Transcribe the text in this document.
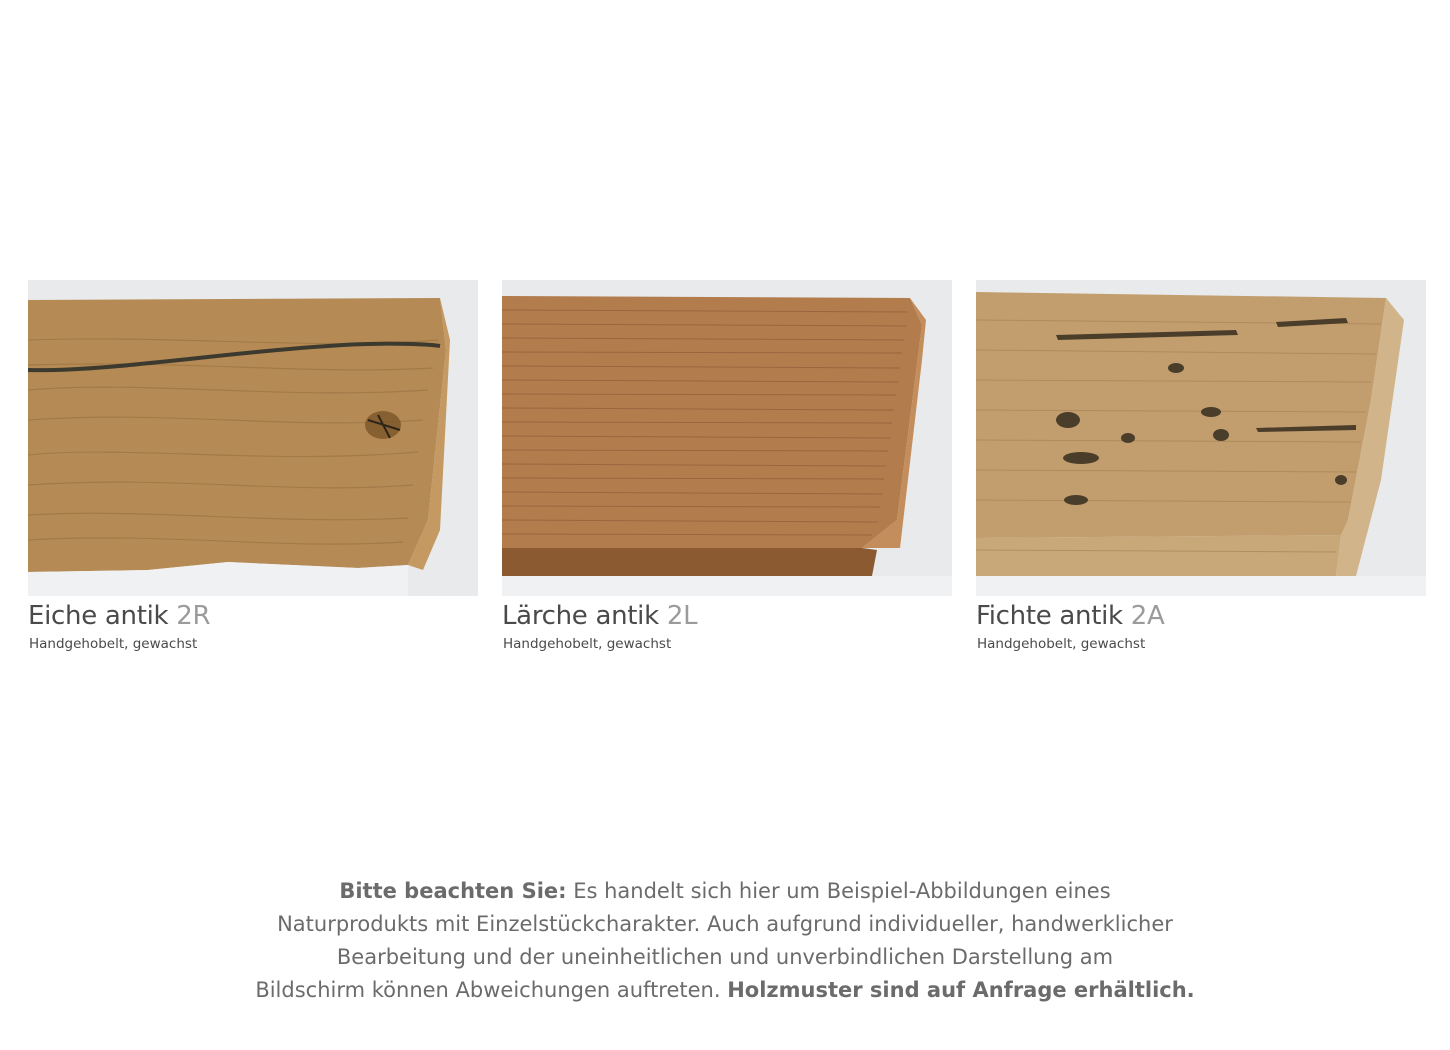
Eiche antik 2R
Handgehobelt, gewachst
Lärche antik 2L
Handgehobelt, gewachst
Fichte antik 2A
Handgehobelt, gewachst
Bitte beachten Sie: Es handelt sich hier um Beispiel-Abbildungen eines
Naturprodukts mit Einzelstückcharakter. Auch aufgrund individueller, handwerklicher
Bearbeitung und der uneinheitlichen und unverbindlichen Darstellung am
Bildschirm können Abweichungen auftreten. Holzmuster sind auf Anfrage erhältlich.
